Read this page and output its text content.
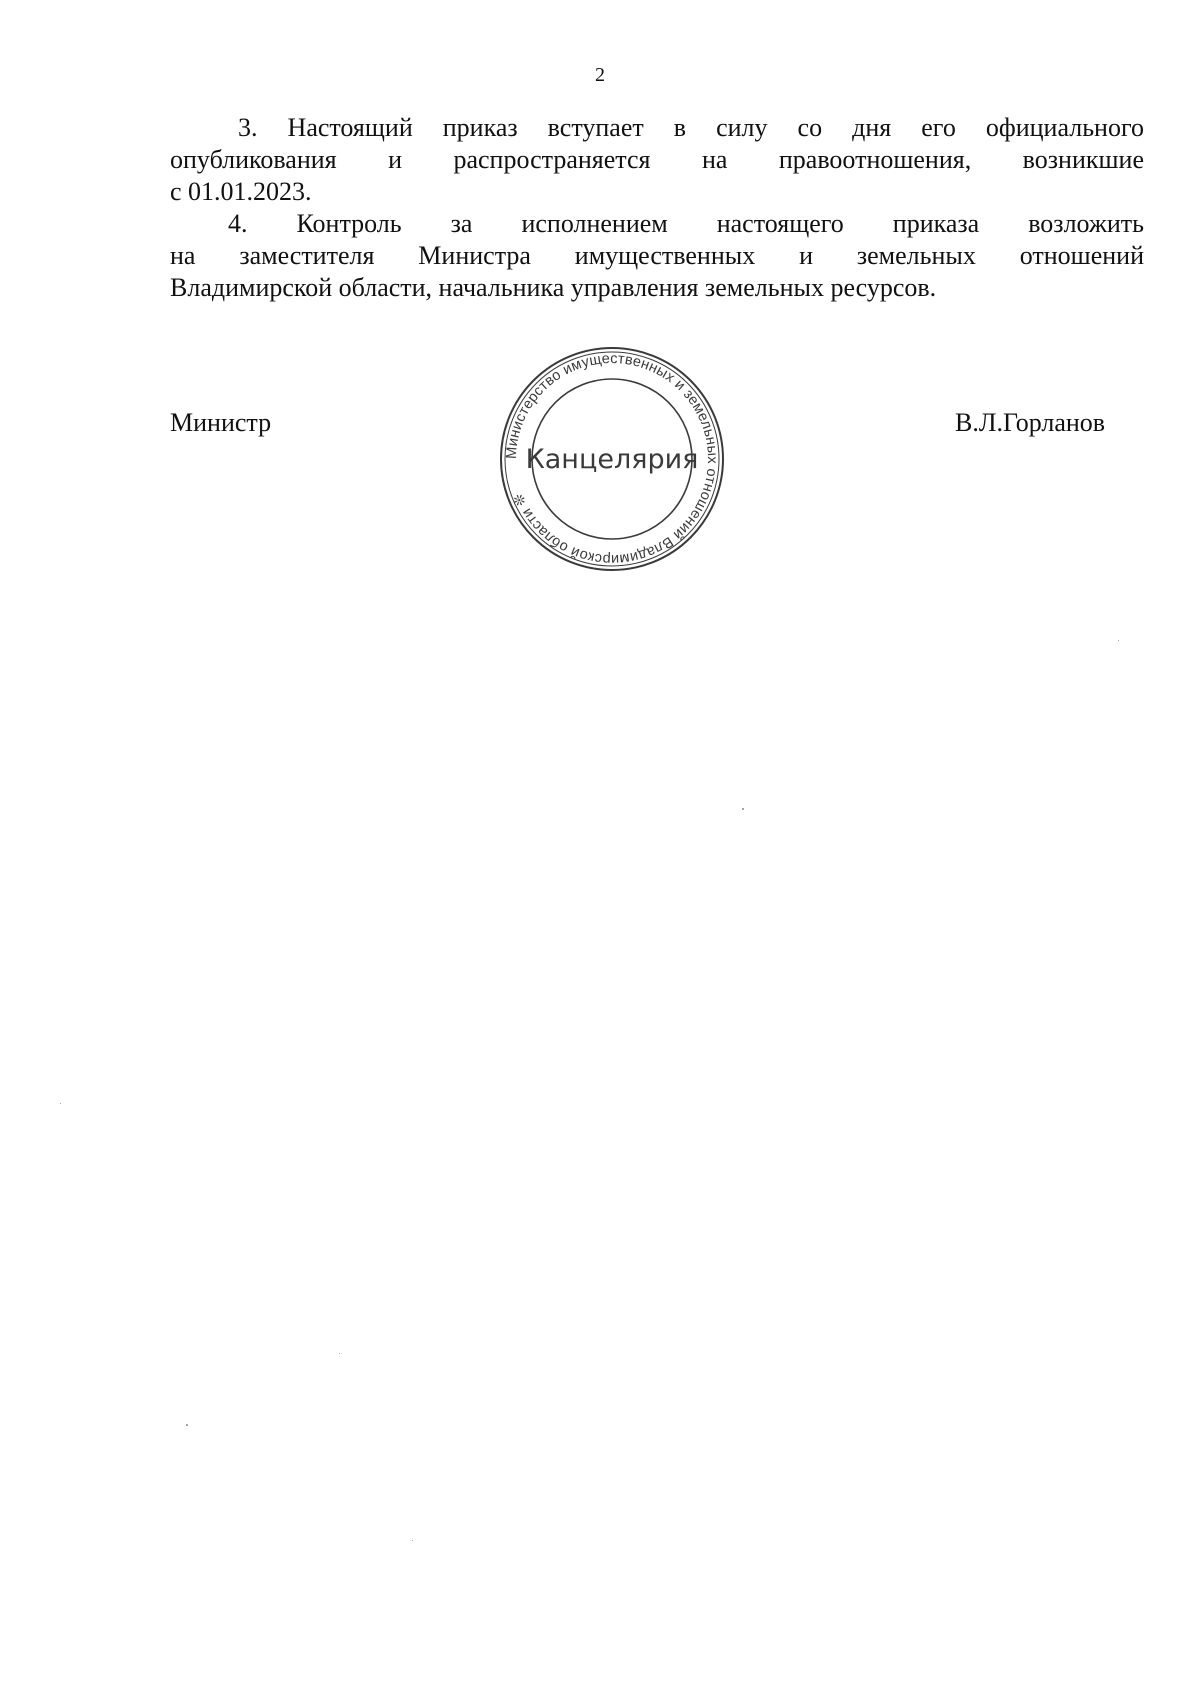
2
3. Настоящий приказ вступает в силу со дня его официального
опубликования и распространяется на правоотношения, возникшие
с 01.01.2023.
4. Контроль за исполнением настоящего приказа возложить
на заместителя Министра имущественных и земельных отношений
Владимирской области, начальника управления земельных ресурсов.
Министр
Министерство имущественных и земельных отношений Владимирской области ❊
Канцелярия
В.Л.Горланов
